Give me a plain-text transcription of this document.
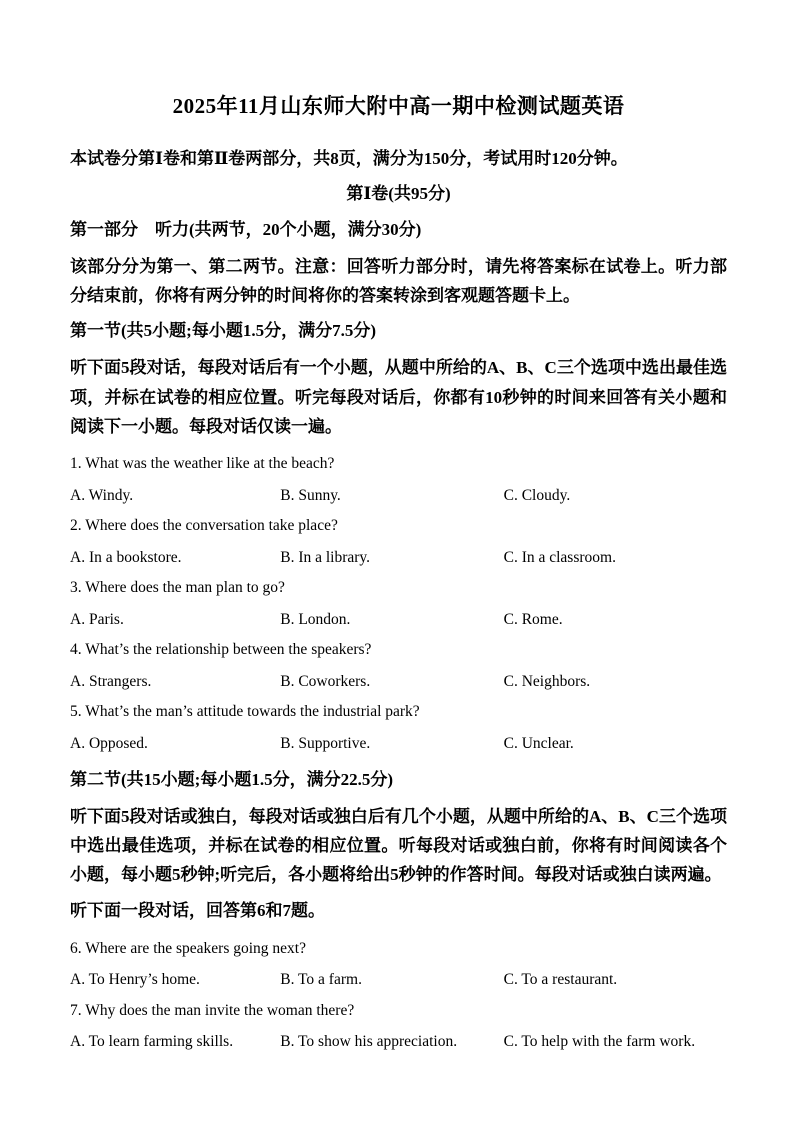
2025年11月山东师大附中高一期中检测试题英语

本试卷分第Ⅰ卷和第Ⅱ卷两部分，共8页，满分为150分，考试用时120分钟。

第Ⅰ卷(共95分)

第一部分　听力(共两节，20个小题，满分30分)

该部分分为第一、第二两节。注意：回答听力部分时，请先将答案标在试卷上。听力部分结束前，你将有两分钟的时间将你的答案转涂到客观题答题卡上。

第一节(共5小题;每小题1.5分，满分7.5分)

听下面5段对话，每段对话后有一个小题，从题中所给的A、B、C三个选项中选出最佳选项，并标在试卷的相应位置。听完每段对话后，你都有10秒钟的时间来回答有关小题和阅读下一小题。每段对话仅读一遍。

1. What was the weather like at the beach?

A. Windy.	B. Sunny.	C. Cloudy.

2. Where does the conversation take place?

A. In a bookstore.	B. In a library.	C. In a classroom.

3. Where does the man plan to go?

A. Paris.	B. London.	C. Rome.

4. What’s the relationship between the speakers?

A. Strangers.	B. Coworkers.	C. Neighbors.

5. What’s the man’s attitude towards the industrial park?

A. Opposed.	B. Supportive.	C. Unclear.

第二节(共15小题;每小题1.5分，满分22.5分)

听下面5段对话或独白，每段对话或独白后有几个小题，从题中所给的A、B、C三个选项中选出最佳选项，并标在试卷的相应位置。听每段对话或独白前，你将有时间阅读各个小题，每小题5秒钟;听完后，各小题将给出5秒钟的作答时间。每段对话或独白读两遍。

听下面一段对话，回答第6和7题。

6. Where are the speakers going next?

A. To Henry’s home.	B. To a farm.	C. To a restaurant.

7. Why does the man invite the woman there?

A. To learn farming skills.	B. To show his appreciation.	C. To help with the farm work.
